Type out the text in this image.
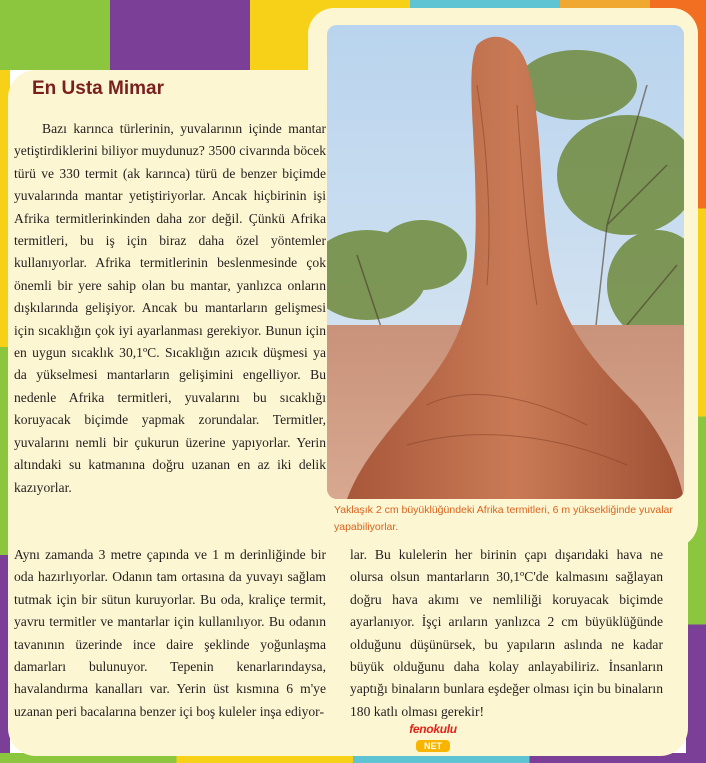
En Usta Mimar

Yaklaşık 2 cm büyüklüğündeki Afrika termitleri, 6 m yüksekliğinde yuvalar yapabiliyorlar.

Bazı karınca türlerinin, yuvalarının içinde mantar yetiştirdiklerini biliyor muydunuz? 3500 civarında böcek türü ve 330 termit (ak karınca) türü de benzer biçimde yuvalarında mantar yetiştiriyorlar. Ancak hiçbirinin işi Afrika termitlerinkinden daha zor değil. Çünkü Afrika termitleri, bu iş için biraz daha özel yöntemler kullanıyorlar. Afrika termitlerinin beslenmesinde çok önemli bir yere sahip olan bu mantar, yanlızca onların dışkılarında gelişiyor. Ancak bu mantarların gelişmesi için sıcaklığın çok iyi ayarlanması gerekiyor. Bunun için en uygun sıcaklık 30,1ºC. Sıcaklığın azıcık düşmesi ya da yükselmesi mantarların gelişimini engelliyor. Bu nedenle Afrika termitleri, yuvalarını bu sıcaklığı koruyacak biçimde yapmak zorundalar. Termitler, yuvalarını nemli bir çukurun üzerine yapıyorlar. Yerin altındaki su katmanına doğru uzanan en az iki delik kazıyorlar.

Aynı zamanda 3 metre çapında ve 1 m derinliğinde bir oda hazırlıyorlar. Odanın tam ortasına da yuvayı sağlam tutmak için bir sütun kuruyorlar. Bu oda, kraliçe termit, yavru termitler ve mantarlar için kullanılıyor. Bu odanın tavanının üzerinde ince daire şeklinde yoğunlaşma damarları bulunuyor. Tepenin kenarlarındaysa, havalandırma kanalları var. Yerin üst kısmına 6 m'ye uzanan peri bacalarına benzer içi boş kuleler inşa ediyor-

lar. Bu kulelerin her birinin çapı dışarıdaki hava ne olursa olsun mantarların 30,1ºC'de kalmasını sağlayan doğru hava akımı ve nemliliği koruyacak biçimde ayarlanıyor. İşçi arıların yanlızca 2 cm büyüklüğünde olduğunu düşünürsek, bu yapıların aslında ne kadar büyük olduğunu daha kolay anlayabiliriz. İnsanların yaptığı binaların bunlara eşdeğer olması için bu binaların 180 katlı olması gerekir!

fenokulu
NET
